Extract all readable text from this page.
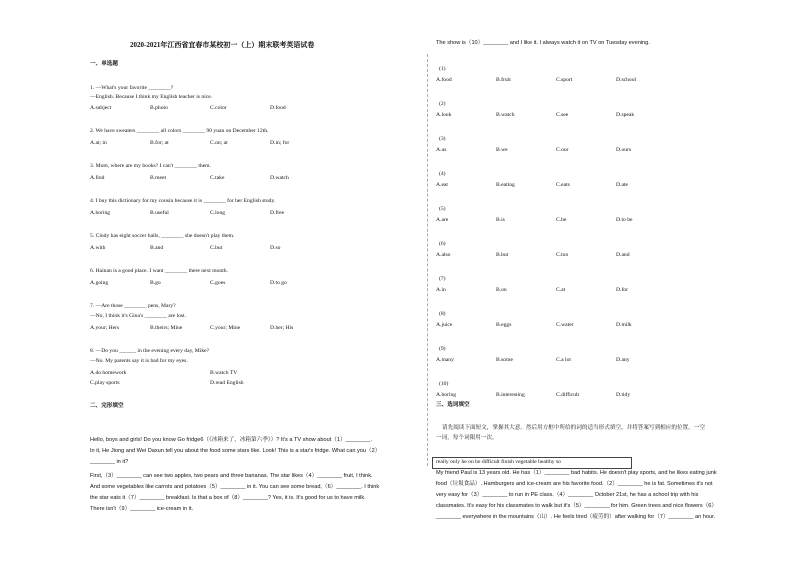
2020-2021年江西省宜春市某校初一（上）期末联考英语试卷
一、单选题
1. —What's your favorite ________?
—English. Because I think my English teacher is nice.
A.subject	B.photo	C.color	D.food
2. We have sweaters ________ all colors ________ 90 yuan on December 12th.
A.at; in	B.for; at	C.on; at	D.in; for
3. Mom, where are my books? I can't ________ them.
A.find	B.meet	C.take	D.watch
4. I buy this dictionary for my cousin because it is ________ for her English study.
A.boring	B.useful	C.long	D.free
5. Cindy has eight soccer balls, ________ she doesn't play them.
A.with	B.and	C.but	D.so
6. Hainan is a good place. I want ________ there next month.
A.going	B.go	C.goes	D.to go
7. —Are those ________ pens, Mary?
—No, I think it's Gina's ________ are lost.
A.your; Hers	B.theirs; Mine	C.your; Mine	D.her; His
8. —Do you ______ in the evening every day, Mike?
—No. My parents say it is bad for my eyes.
A.do homework	B.watch TV
C.play sports	D.read English
二、完形填空
Hello, boys and girls! Do you know Go fridge6（《冰箱来了，冰箱第六季》）? It's a TV show about（1）________.
In it, He Jiong and Wei Daxun tell you about the food some stars like. Look! This is a star's fridge. What can you（2）
________ in it?
First,（3）________ can see two apples, two pears and three bananas. The star likes（4）________ fruit, I think.
And some vegetables like carrots and potatoes（5）________ in it. You can see some bread,（6）________. I think
the star eats it（7）________ breakfast. Is that a box of（8）________? Yes, it is. It's good for us to have milk.
There isn't（9）________ ice-cream in it.
The show is（10）________ and I like it. I always watch it on TV on Tuesday evening.
(1)
A.food	B.fruit	C.sport	D.school
(2)
A.look	B.watch	C.see	D.speak
(3)
A.us	B.we	C.our	D.ours
(4)
A.eat	B.eating	C.eats	D.ate
(5)
A.are	B.is	C.be	D.to be
(6)
A.also	B.but	C.too	D.and
(7)
A.in	B.on	C.at	D.for
(8)
A.juice	B.eggs	C.water	D.milk
(9)
A.many	B.some	C.a lot	D.any
(10)
A.boring	B.interesting	C.difficult	D.tidy
三、选词填空
请先阅读下面短文，掌握其大意。然后用方框中所给的词的适当形式填空，并将答案写到相应的位置。一空
一词，每个词限用一次。
really only he on be difficult finish vegetable healthy so
My friend Paul is 13 years old. He has（1）________ bad habits. He doesn't play sports, and he likes eating junk
food（垃圾食品）. Hamburgers and ice-cream are his favorite food.（2）________ he is fat. Sometimes it's not
very easy for（3）________ to run in PE class.（4）________ October 21st, he has a school trip with his
classmates. It's easy for his classmates to walk but it's（5）________ for him. Green trees and nice flowers（6）
________ everywhere in the mountains（山）. He feels tired（疲劳的）after walking for（7）________ an hour.
